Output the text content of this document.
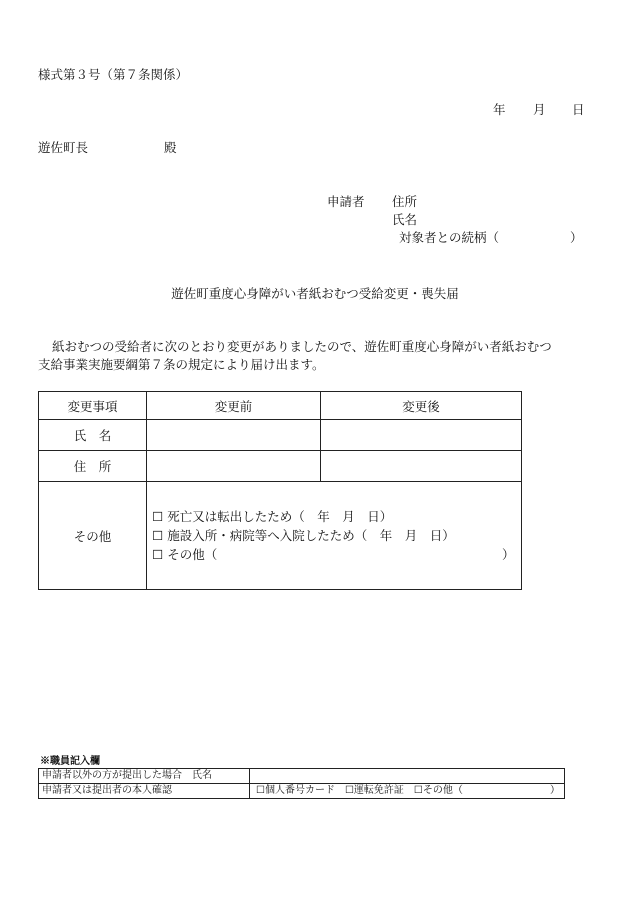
様式第３号（第７条関係）
年 月 日
遊佐町長	殿
申請者 住所
氏名
対象者との続柄（	）
遊佐町重度心身障がい者紙おむつ受給変更・喪失届
紙おむつの受給者に次のとおり変更がありましたので、遊佐町重度心身障がい者紙おむつ
支給事業実施要綱第７条の規定により届け出ます。
変更事項	変更前	変更後
氏　名		
住　所		
その他	☐ 死亡又は転出したため（　年　月　日）
☐ 施設入所・病院等へ入院したため（　年　月　日）
☐ その他（ ）	
※職員記入欄
申請者以外の方が提出した場合　氏名	
申請者又は提出者の本人確認	☐個人番号カード　☐運転免許証　☐その他（ ）
